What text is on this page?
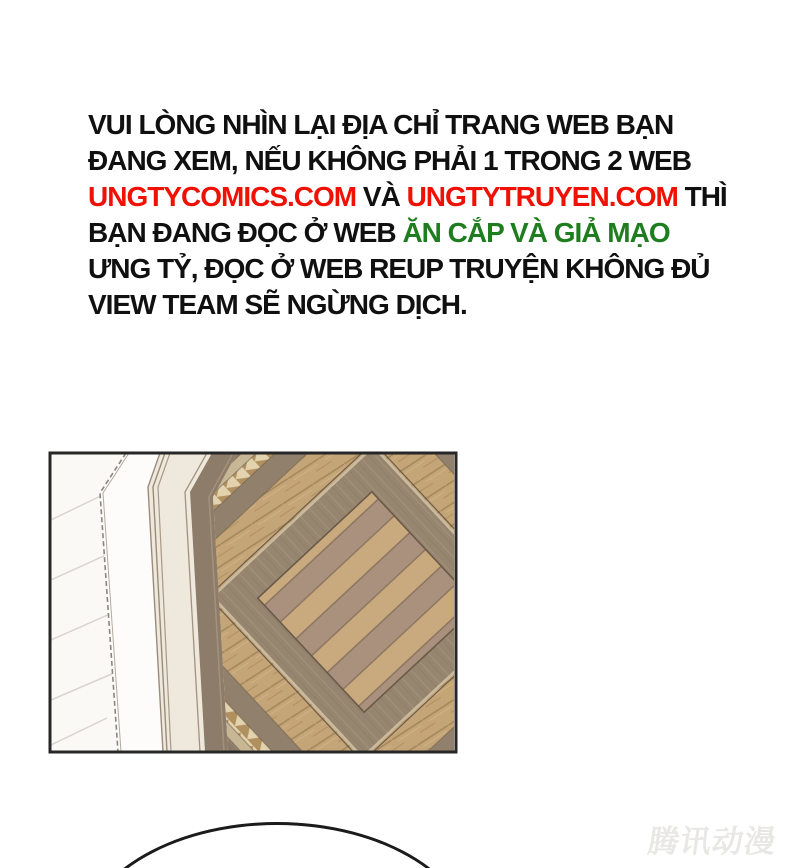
VUI LÒNG NHÌN LẠI ĐỊA CHỈ TRANG WEB BẠN
ĐANG XEM, NẾU KHÔNG PHẢI 1 TRONG 2 WEB
UNGTYCOMICS.COM VÀ UNGTYTRUYEN.COM THÌ
BẠN ĐANG ĐỌC Ở WEB ĂN CẮP VÀ GIẢ MẠO
ƯNG TỶ, ĐỌC Ở WEB REUP TRUYỆN KHÔNG ĐỦ
VIEW TEAM SẼ NGỪNG DỊCH.
腾讯动漫
